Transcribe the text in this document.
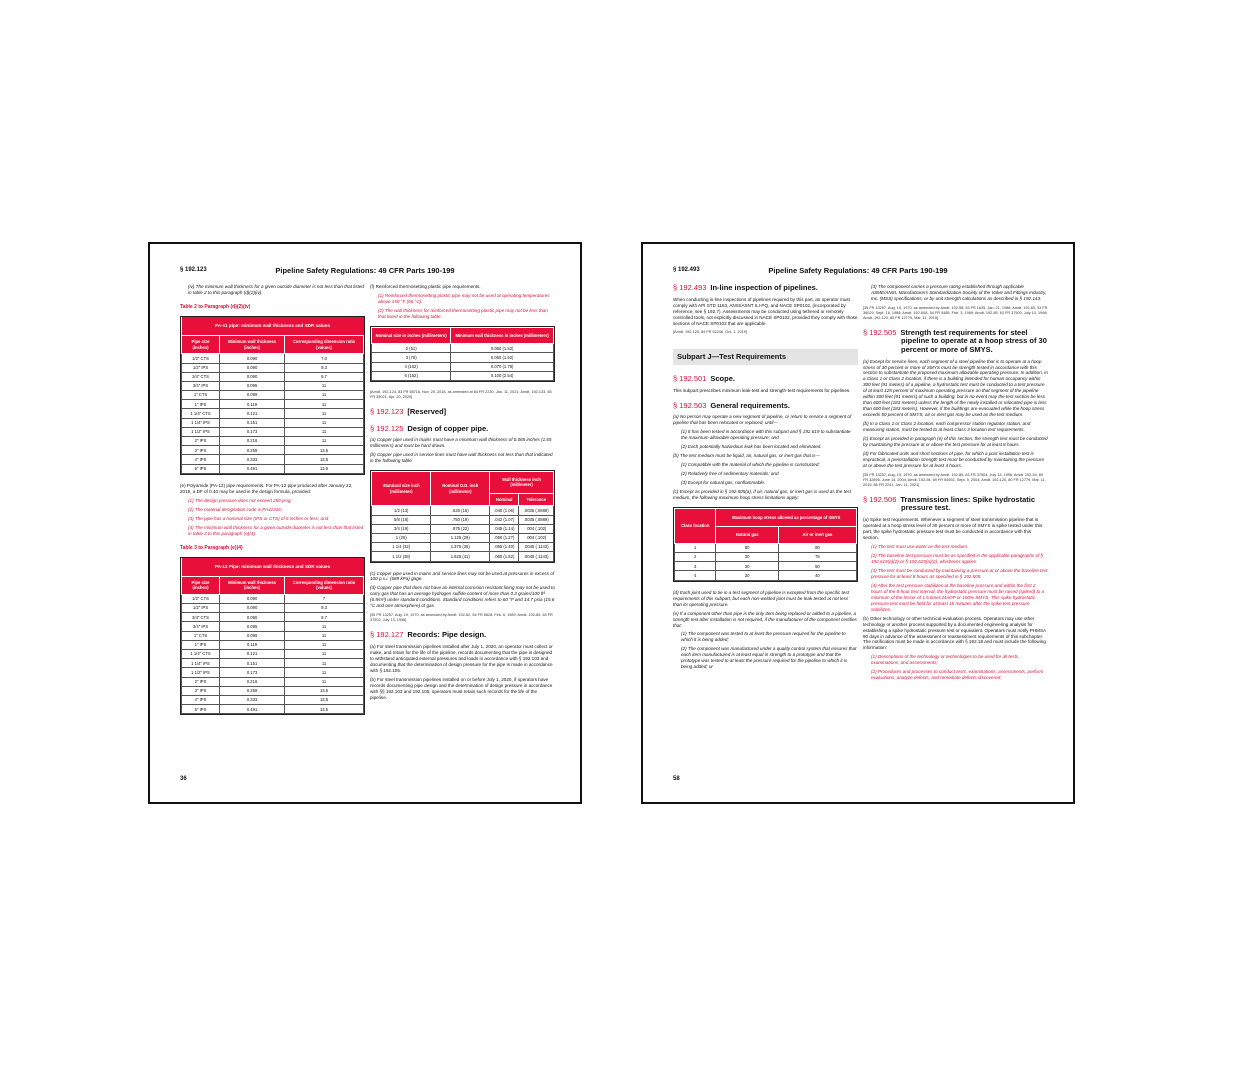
§ 192.123	Pipeline Safety Regulations: 49 CFR Parts 190-199

(iv) The minimum wall thickness for a given outside diameter is not less than that listed in table 2 to this paragraph (d)(2)(iv).

Table 2 to Paragraph (d)(2)(iv)
PA-11 pipe: minimum wall thickness and SDR values		
Pipe size (inches)	Minimum wall thickness (inches)	Corresponding dimension ratio (values)
1/2" CTS	0.090	7.0
1/2" IPS	0.090	9.3
3/4" CTS	0.090	9.7
3/4" IPS	0.095	11
1" CTS	0.099	11
1" IPS	0.119	11
1 1/4" CTS	0.121	11
1 1/4" IPS	0.151	11
1 1/2" IPS	0.173	11
2" IPS	0.216	11
3" IPS	0.259	13.5
4" IPS	0.333	13.5
6" IPS	0.491	13.5

(e) Polyamide (PA-12) pipe requirements. For PA-12 pipe produced after January 22, 2019, a DF of 0.40 may be used in the design formula, provided:

(1) The design pressure does not exceed 250 psig;

(2) The material designation code is PA42316;

(3) The pipe has a nominal size (IPS or CTS) of 6 inches or less; and

(4) The minimum wall thickness for a given outside diameter is not less than that listed in table 3 to this paragraph (e)(4).

Table 3 to Paragraph (e)(4)
PA-12 Pipe: minimum wall thickness and SDR values		
Pipe size (inches)	Minimum wall thickness (inches)	Corresponding dimension ratio (values)
1/2" CTS	0.090	7
1/2" IPS	0.090	9.3
3/4" CTS	0.090	9.7
3/4" IPS	0.095	11
1" CTS	0.099	11
1" IPS	0.119	11
1 1/4" CTS	0.121	11
1 1/4" IPS	0.151	11
1 1/2" IPS	0.173	11
2" IPS	0.216	11
3" IPS	0.259	13.5
4" IPS	0.333	13.5
6" IPS	0.491	13.5

(f) Reinforced thermosetting plastic pipe requirements.

(1) Reinforced thermosetting plastic pipe may not be used at operating temperatures above 150 °F (66 °C).

(2) The wall thickness for reinforced thermosetting plastic pipe may not be less than that listed in the following table:

Nominal size in inches (millimeters)	Minimum wall thickness in inches (millimeters)
2 (51)	0.060 (1.52)
3 (76)	0.060 (1.52)
4 (102)	0.070 (1.78)
6 (152)	0.100 (2.54)

[Amdt. 192-124, 83 FR 58716, Nov. 20, 2018, as amended at 84 FR 2230, Jan. 11, 2021; Amdt. 192-133, 85 FR 35021, Apr. 20, 2020]

§ 192.123 [Reserved]
§ 192.125 Design of copper pipe.

(a) Copper pipe used in mains must have a minimum wall thickness of 0.065 inches (1.65 millimeters) and must be hard drawn.

(b) Copper pipe used in service lines must have wall thickness not less than that indicated in the following table:

Standard size inch (millimeter)	Nominal O.D. inch (millimeter)	Wall thickness inch (millimeter)	
		Nominal	Tolerance
1/2 (13)	.625 (16)	.040 (1.06)	.0035 (.0889)
5/8 (16)	.750 (19)	.042 (1.07)	.0035 (.0889)
3/4 (19)	.875 (22)	.045 (1.14)	.004 (.102)
1 (25)	1.125 (29)	.050 (1.27)	.004 (.102)
1 1/4 (32)	1.375 (35)	.055 (1.40)	.0045 (.1143)
1 1/2 (38)	1.625 (41)	.060 (1.52)	.0045 (.1143)

(c) Copper pipe used in mains and service lines may not be used at pressures in excess of 100 p.s.i. (689 kPa) gage.

(d) Copper pipe that does not have an internal corrosion resistant lining may not be used to carry gas that has an average hydrogen sulfide content of more than 0.3 grains/100 ft³ (6.9/m³) under standard conditions. Standard conditions refers to 60 °F and 14.7 psia (15.6 °C and one atmosphere) of gas.

[35 FR 13257, Aug. 19, 1970, as amended by Amdt. 192-62, 54 FR 5628, Feb. 6, 1989; Amdt. 192-85, 63 FR 37502, July 13, 1998]

§ 192.127 Records: Pipe design.

(a) For steel transmission pipelines installed after July 1, 2020, an operator must collect or make, and retain for the life of the pipeline, records documenting that the pipe is designed to withstand anticipated external pressures and loads in accordance with § 192.103 and documenting that the determination of design pressure for the pipe is made in accordance with § 192.105.

(b) For steel transmission pipelines installed on or before July 1, 2020, if operators have records documenting pipe design and the determination of design pressure in accordance with §§ 192.103 and 192.105, operators must retain such records for the life of the pipeline.

36
§ 192.493	Pipeline Safety Regulations: 49 CFR Parts 190-199
§ 192.493 In-line inspection of pipelines.

When conducting in-line inspections of pipelines required by this part, an operator must comply with API STD 1163, ANSI/ASNT ILI-PQ, and NACE SP0102, (incorporated by reference, see § 192.7). Assessments may be conducted using tethered or remotely controlled tools, not explicitly discussed in NACE SP0102, provided they comply with those sections of NACE SP0102 that are applicable.

[Amdt. 192-125, 84 FR 52246, Oct. 1, 2019]

Subpart J—Test Requirements
§ 192.501 Scope.

This subpart prescribes minimum leak-test and strength-test requirements for pipelines.

§ 192.503 General requirements.

(a) No person may operate a new segment of pipeline, or return to service a segment of pipeline that has been relocated or replaced, until—

(1) It has been tested in accordance with this subpart and § 192.619 to substantiate the maximum allowable operating pressure; and

(2) Each potentially hazardous leak has been located and eliminated.

(b) The test medium must be liquid, air, natural gas, or inert gas that is—

(1) Compatible with the material of which the pipeline is constructed;

(2) Relatively free of sedimentary materials; and

(3) Except for natural gas, nonflammable.

(c) Except as provided in § 192.505(a), if air, natural gas, or inert gas is used as the test medium, the following maximum hoop stress limitations apply:

Class location	Maximum hoop stress allowed as percentage of SMYS	
	Natural gas	Air or inert gas
1	80	80
2	30	75
3	30	50
4	30	40

(d) Each joint used to tie in a test segment of pipeline is excepted from the specific test requirements of this subpart, but each non-welded joint must be leak tested at not less than its operating pressure.

(e) If a component other than pipe is the only item being replaced or added to a pipeline, a strength test after installation is not required, if the manufacturer of the component certifies that:

(1) The component was tested to at least the pressure required for the pipeline to which it is being added;

(2) The component was manufactured under a quality control system that ensures that each item manufactured is at least equal in strength to a prototype and that the prototype was tested to at least the pressure required for the pipeline to which it is being added; or

(3) The component carries a pressure rating established through applicable ASME/ANSI, Manufacturers Standardization Society of the Valve and Fittings Industry, Inc. (MSS) specifications, or by unit strength calculations as described in § 192.143.

[35 FR 13257, Aug. 19, 1970, as amended by Amdt. 192-58, 53 FR 1635, Jan. 21, 1988; Amdt. 192-60, 53 FR 36029, Sept. 16, 1988; Amdt. 192-60A, 54 FR 5485, Feb. 3, 1989; Amdt. 192-85, 63 FR 37500, July 13, 1998; Amdt. 192-120, 80 FR 12779, Mar. 11, 2015]

§ 192.505 Strength test requirements for steel pipeline to operate at a hoop stress of 30 percent or more of SMYS.

(a) Except for service lines, each segment of a steel pipeline that is to operate at a hoop stress of 30 percent or more of SMYS must be strength tested in accordance with this section to substantiate the proposed maximum allowable operating pressure. In addition, in a Class 1 or Class 2 location, if there is a building intended for human occupancy within 300 feet (91 meters) of a pipeline, a hydrostatic test must be conducted to a test pressure of at least 125 percent of maximum operating pressure on that segment of the pipeline within 300 feet (91 meters) of such a building, but in no event may the test section be less than 600 feet (183 meters) unless the length of the newly installed or relocated pipe is less than 600 feet (183 meters). However, if the buildings are evacuated while the hoop stress exceeds 50 percent of SMYS, air or inert gas may be used as the test medium.

(b) In a Class 1 or Class 2 location, each compressor station regulator station, and measuring station, must be tested to at least Class 3 location test requirements.

(c) Except as provided in paragraph (e) of this section, the strength test must be conducted by maintaining the pressure at or above the test pressure for at least 8 hours.

(d) For fabricated units and short sections of pipe, for which a post installation test is impractical, a preinstallation strength test must be conducted by maintaining the pressure at or above the test pressure for at least 4 hours.

[35 FR 13257, Aug. 19, 1970, as amended by Amdt. 192-85, 63 FR 37504, July 13, 1998; Amdt. 192-94, 69 FR 32895, June 14, 2004; Amdt. 192-94, 69 FR 54592, Sept. 9, 2004; Amdt. 192-120, 80 FR 12779, Mar. 11, 2015; 86 FR 2241, Jan. 11, 2021]

§ 192.506 Transmission lines: Spike hydrostatic pressure test.

(a) Spike test requirements. Whenever a segment of steel transmission pipeline that is operated at a hoop stress level of 30 percent or more of SMYS is spike tested under this part, the spike hydrostatic pressure test must be conducted in accordance with this section.

(1) The test must use water as the test medium.

(2) The baseline test pressure must be as specified in the applicable paragraphs of § 192.619(a)(2) or § 192.620(a)(2), whichever applies.

(3) The test must be conducted by maintaining a pressure at or above the baseline test pressure for at least 8 hours as specified in § 192.505.

(4) After the test pressure stabilizes at the baseline pressure and within the first 2 hours of the 8-hour test interval, the hydrostatic pressure must be raised (spiked) to a minimum of the lesser of 1.5 times MAOP or 100% SMYS. This spike hydrostatic pressure test must be held for at least 15 minutes after the spike test pressure stabilizes.

(b) Other technology or other technical evaluation process. Operators may use other technology or another process supported by a documented engineering analysis for establishing a spike hydrostatic pressure test or equivalent. Operators must notify PHMSA 90 days in advance of the assessment or reassessment requirements of this subchapter. The notification must be made in accordance with § 192.18 and must include the following information:

(1) Descriptions of the technology or technologies to be used for all tests, examinations, and assessments;

(2) Procedures and processes to conduct tests, examinations, assessments, perform evaluations, analyze defects, and remediate defects discovered;

58
